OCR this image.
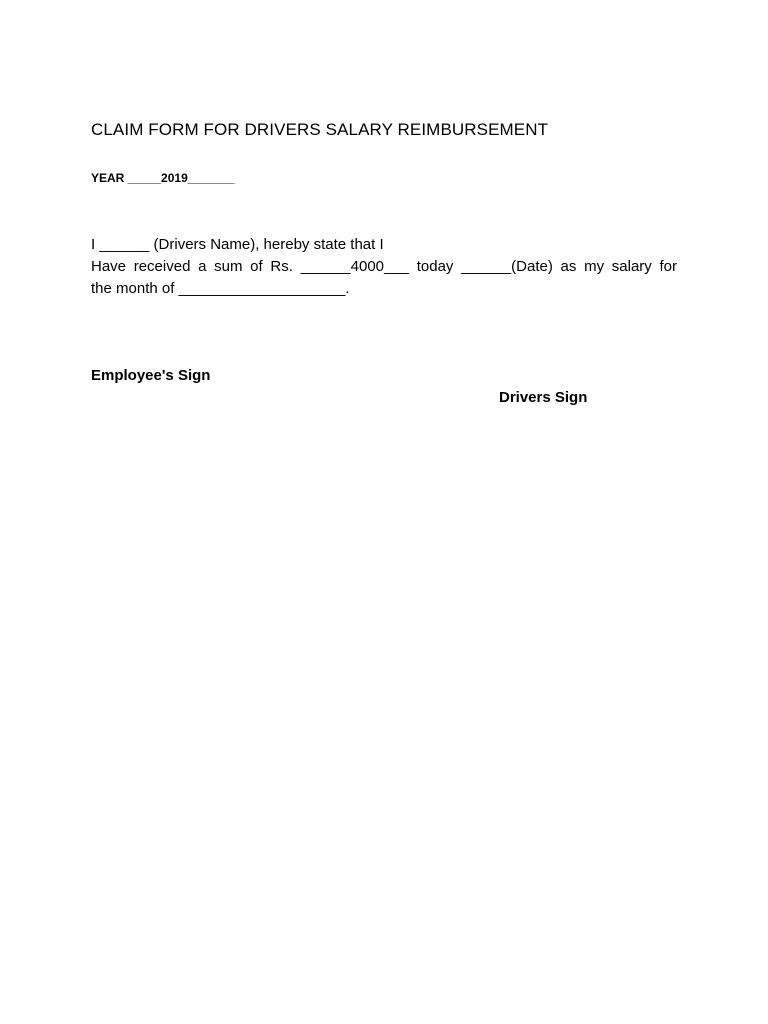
CLAIM FORM FOR DRIVERS SALARY REIMBURSEMENT
YEAR _____2019_______
I ______ (Drivers Name), hereby state that I
Have received a sum of Rs. ______4000___ today ______(Date) as my salary for
the month of ____________________.
Employee's Sign
Drivers Sign
